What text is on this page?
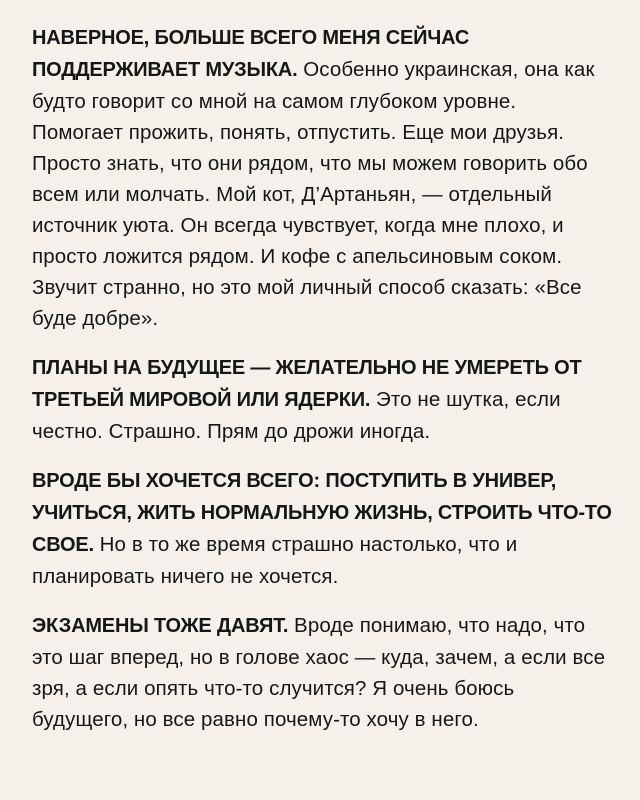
НАВЕРНОЕ, БОЛЬШЕ ВСЕГО МЕНЯ СЕЙЧАС ПОДДЕРЖИВАЕТ МУЗЫКА. Особенно украинская, она как будто говорит со мной на самом глубоком уровне. Помогает прожить, понять, отпустить. Еще мои друзья. Просто знать, что они рядом, что мы можем говорить обо всем или молчать. Мой кот, Д’Артаньян, — отдельный источник уюта. Он всегда чувствует, когда мне плохо, и просто ложится рядом. И кофе с апельсиновым соком. Звучит странно, но это мой личный способ сказать: «Все буде добре».

ПЛАНЫ НА БУДУЩЕЕ — ЖЕЛАТЕЛЬНО НЕ УМЕРЕТЬ ОТ ТРЕТЬЕЙ МИРОВОЙ ИЛИ ЯДЕРКИ. Это не шутка, если честно. Страшно. Прям до дрожи иногда.

ВРОДЕ БЫ ХОЧЕТСЯ ВСЕГО: ПОСТУПИТЬ В УНИВЕР, УЧИТЬСЯ, ЖИТЬ НОРМАЛЬНУЮ ЖИЗНЬ, СТРОИТЬ ЧТО-ТО СВОЕ. Но в то же время страшно настолько, что и планировать ничего не хочется.

ЭКЗАМЕНЫ ТОЖЕ ДАВЯТ. Вроде понимаю, что надо, что это шаг вперед, но в голове хаос — куда, зачем, а если все зря, а если опять что-то случится? Я очень боюсь будущего, но все равно почему-то хочу в него.
